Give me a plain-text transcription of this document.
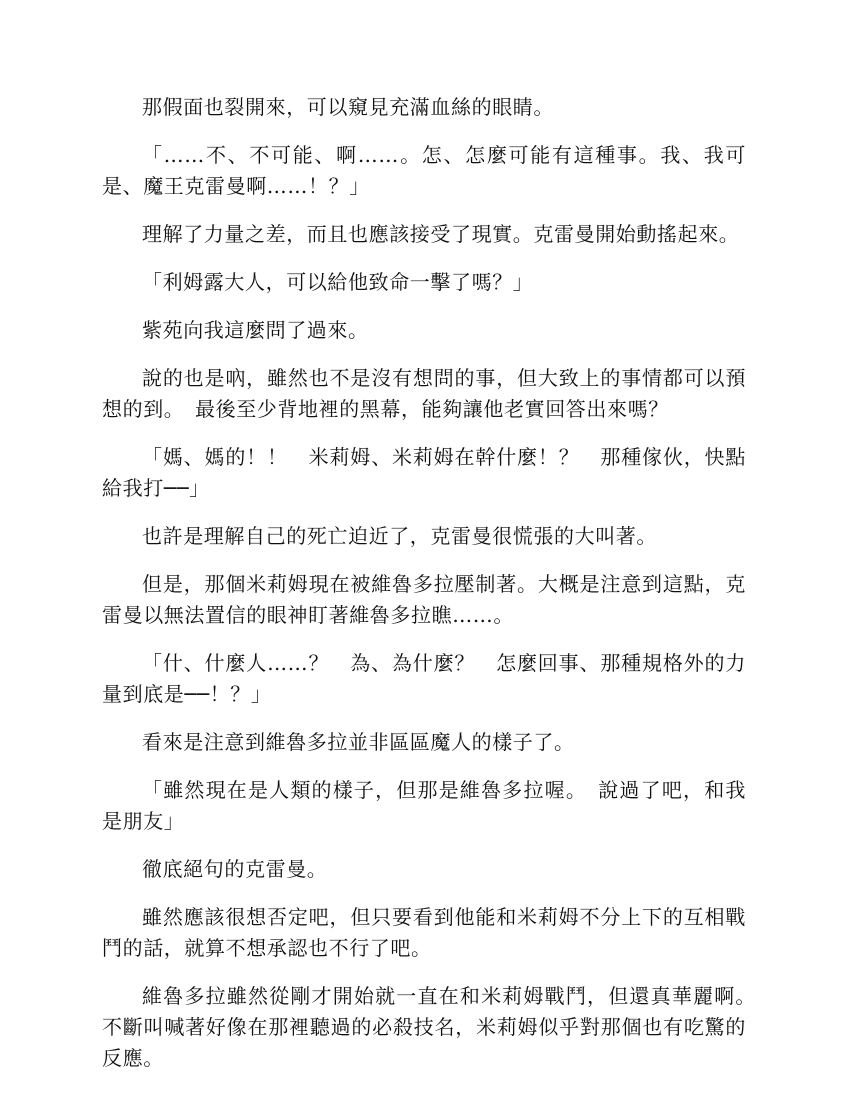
那假面也裂開來，可以窺見充滿血絲的眼睛。

「……不、不可能、啊……。怎、怎麼可能有這種事。我、我可是、魔王克雷曼啊……！？」

理解了力量之差，而且也應該接受了現實。克雷曼開始動搖起來。

「利姆露大人，可以給他致命一擊了嗎？」

紫苑向我這麼問了過來。

說的也是吶，雖然也不是沒有想問的事，但大致上的事情都可以預想的到。　最後至少背地裡的黑幕，能夠讓他老實回答出來嗎？

「媽、媽的！！　米莉姆、米莉姆在幹什麼！？　那種傢伙，快點給我打──」

也許是理解自己的死亡迫近了，克雷曼很慌張的大叫著。

但是，那個米莉姆現在被維魯多拉壓制著。大概是注意到這點，克雷曼以無法置信的眼神盯著維魯多拉瞧……。

「什、什麼人……？　為、為什麼？　怎麼回事、那種規格外的力量到底是──！？」

看來是注意到維魯多拉並非區區魔人的樣子了。

「雖然現在是人類的樣子，但那是維魯多拉喔。　說過了吧，和我是朋友」

徹底絕句的克雷曼。

雖然應該很想否定吧，但只要看到他能和米莉姆不分上下的互相戰鬥的話，就算不想承認也不行了吧。

維魯多拉雖然從剛才開始就一直在和米莉姆戰鬥，但還真華麗啊。　不斷叫喊著好像在那裡聽過的必殺技名，米莉姆似乎對那個也有吃驚的反應。
